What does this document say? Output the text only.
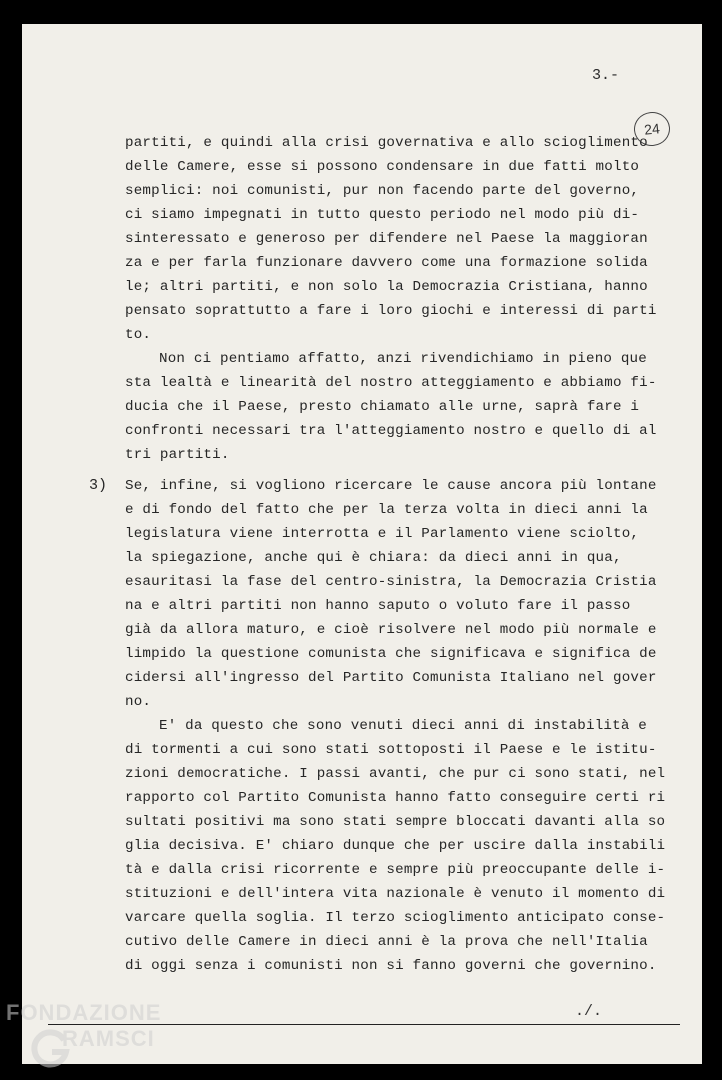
3.-
24
partiti, e quindi alla crisi governativa e allo scioglimento
delle Camere, esse si possono condensare in due fatti molto
semplici: noi comunisti, pur non facendo parte del governo,
ci siamo impegnati in tutto questo periodo nel modo più di-
sinteressato e generoso per difendere nel Paese la maggioran
za e per farla funzionare davvero come una formazione solida
le; altri partiti, e non solo la Democrazia Cristiana, hanno
pensato soprattutto a fare i loro giochi e interessi di parti
to.
Non ci pentiamo affatto, anzi rivendichiamo in pieno que
sta lealtà e linearità del nostro atteggiamento e abbiamo fi-
ducia che il Paese, presto chiamato alle urne, saprà fare i
confronti necessari tra l'atteggiamento nostro e quello di al
tri partiti.
3) Se, infine, si vogliono ricercare le cause ancora più lontane
e di fondo del fatto che per la terza volta in dieci anni la
legislatura viene interrotta e il Parlamento viene sciolto,
la spiegazione, anche qui è chiara: da dieci anni in qua,
esauritasi la fase del centro-sinistra, la Democrazia Cristia
na e altri partiti non hanno saputo o voluto fare il passo
già da allora maturo, e cioè risolvere nel modo più normale e
limpido la questione comunista che significava e significa de
cidersi all'ingresso del Partito Comunista Italiano nel gover
no.
E' da questo che sono venuti dieci anni di instabilità e
di tormenti a cui sono stati sottoposti il Paese e le istitu-
zioni democratiche. I passi avanti, che pur ci sono stati, nel
rapporto col Partito Comunista hanno fatto conseguire certi ri
sultati positivi ma sono stati sempre bloccati davanti alla so
glia decisiva. E' chiaro dunque che per uscire dalla instabili
tà e dalla crisi ricorrente e sempre più preoccupante delle i-
stituzioni e dell'intera vita nazionale è venuto il momento di
varcare quella soglia. Il terzo scioglimento anticipato conse-
cutivo delle Camere in dieci anni è la prova che nell'Italia
di oggi senza i comunisti non si fanno governi che governino.
./.
FONDAZIONE
RAMSCI
